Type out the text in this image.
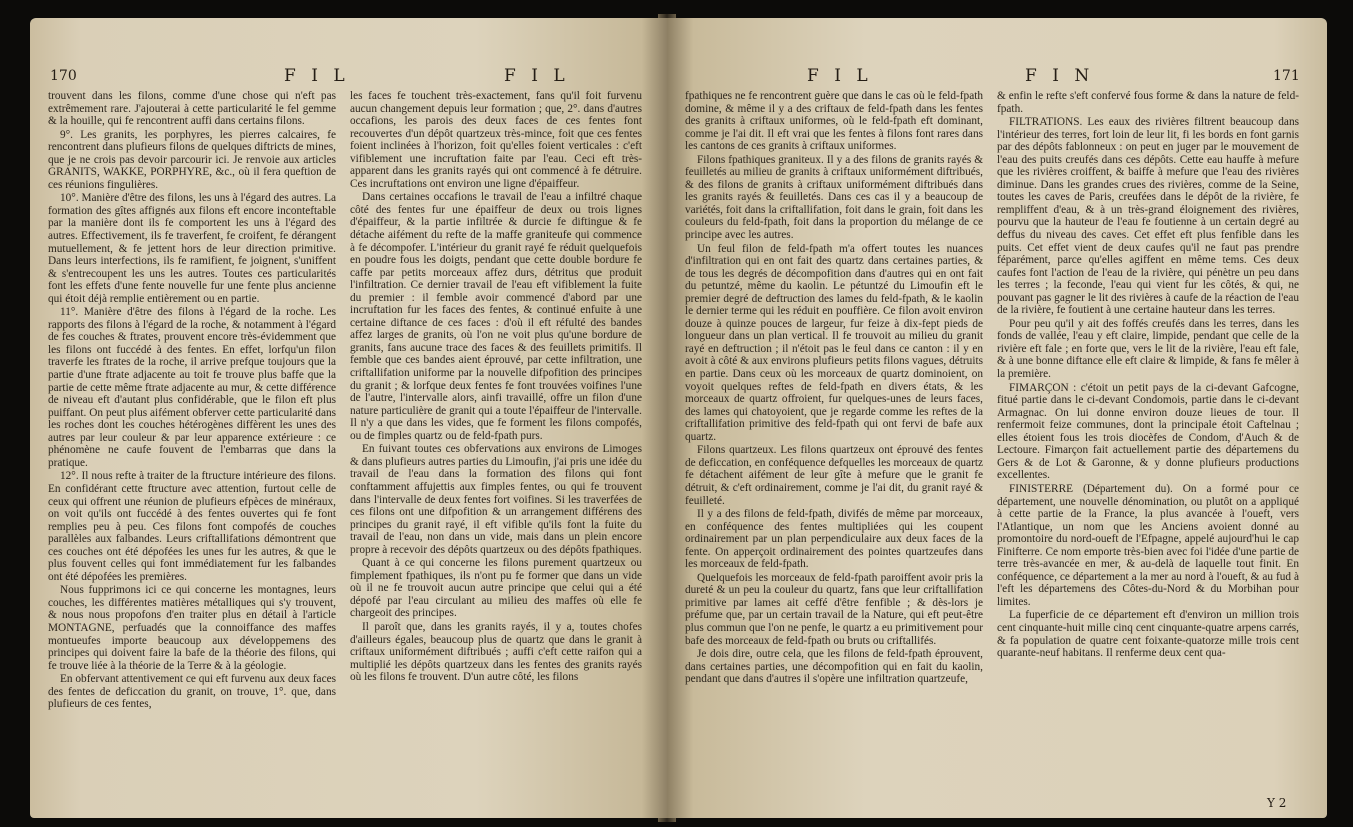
170	F I L	F I L

trouvent dans les filons, comme d'une chose qui n'eft pas extrêmement rare. J'ajouterai à cette particularité le fel gemme & la houille, qui fe rencontrent auffi dans certains filons.

9°. Les granits, les porphyres, les pierres calcaires, fe rencontrent dans plufieurs filons de quelques diftricts de mines, que je ne crois pas devoir parcourir ici. Je renvoie aux articles GRANITS, WAKKE, PORPHYRE, &c., où il fera queftion de ces réunions fingulières.

10°. Manière d'être des filons, les uns à l'égard des autres. La formation des gîtes affignés aux filons eft encore inconteftable par la manière dont ils fe comportent les uns à l'égard des autres. Effectivement, ils fe traverfent, fe croifent, fe dérangent mutuellement, & fe jettent hors de leur direction primitive. Dans leurs interfections, ils fe ramifient, fe joignent, s'uniffent & s'entrecoupent les uns les autres. Toutes ces particularités font les effets d'une fente nouvelle fur une fente plus ancienne qui étoit déjà remplie entièrement ou en partie.

11°. Manière d'être des filons à l'égard de la roche. Les rapports des filons à l'égard de la roche, & notamment à l'égard de fes couches & ftrates, prouvent encore très-évidemment que les filons ont fuccédé à des fentes. En effet, lorfqu'un filon traverfe les ftrates de la roche, il arrive prefque toujours que la partie d'une ftrate adjacente au toit fe trouve plus baffe que la partie de cette même ftrate adjacente au mur, & cette différence de niveau eft d'autant plus confidérable, que le filon eft plus puiffant. On peut plus aifément obferver cette particularité dans les roches dont les couches hétérogènes diffèrent les unes des autres par leur couleur & par leur apparence extérieure : ce phénomène ne caufe fouvent de l'embarras que dans la pratique.

12°. Il nous refte à traiter de la ftructure intérieure des filons. En confidérant cette ftructure avec attention, furtout celle de ceux qui offrent une réunion de plufieurs efpèces de minéraux, on voit qu'ils ont fuccédé à des fentes ouvertes qui fe font remplies peu à peu. Ces filons font compofés de couches parallèles aux falbandes. Leurs criftallifations démontrent que ces couches ont été dépofées les unes fur les autres, & que le plus fouvent celles qui font immédiatement fur les falbandes ont été dépofées les premières.

Nous fupprimons ici ce qui concerne les montagnes, leurs couches, les différentes matières métalliques qui s'y trouvent, & nous nous propofons d'en traiter plus en détail à l'article MONTAGNE, perfuadés que la connoiffance des maffes montueufes importe beaucoup aux développemens des principes qui doivent faire la bafe de la théorie des filons, qui fe trouve liée à la théorie de la Terre & à la géologie.

En obfervant attentivement ce qui eft furvenu aux deux faces des fentes de deficcation du granit, on trouve, 1°. que, dans plufieurs de ces fentes,

les faces fe touchent très-exactement, fans qu'il foit furvenu aucun changement depuis leur formation ; que, 2°. dans d'autres occafions, les parois des deux faces de ces fentes font recouvertes d'un dépôt quartzeux très-mince, foit que ces fentes foient inclinées à l'horizon, foit qu'elles foient verticales : c'eft vifiblement une incruftation faite par l'eau. Ceci eft très-apparent dans les granits rayés qui ont commencé à fe détruire. Ces incruftations ont environ une ligne d'épaiffeur.

Dans certaines occafions le travail de l'eau a infiltré chaque côté des fentes fur une épaiffeur de deux ou trois lignes d'épaiffeur, & la partie infiltrée & durcie fe diftingue & fe détache aifément du refte de la maffe graniteufe qui commence à fe décompofer. L'intérieur du granit rayé fe réduit quelquefois en poudre fous les doigts, pendant que cette double bordure fe caffe par petits morceaux affez durs, détritus que produit l'infiltration. Ce dernier travail de l'eau eft vifiblement la fuite du premier : il femble avoir commencé d'abord par une incruftation fur les faces des fentes, & continué enfuite à une certaine diftance de ces faces : d'où il eft réfulté des bandes affez larges de granits, où l'on ne voit plus qu'une bordure de granits, fans aucune trace des faces & des feuillets primitifs. Il femble que ces bandes aient éprouvé, par cette infiltration, une criftallifation uniforme par la nouvelle difpofition des principes du granit ; & lorfque deux fentes fe font trouvées voifines l'une de l'autre, l'intervalle alors, ainfi travaillé, offre un filon d'une nature particulière de granit qui a toute l'épaiffeur de l'intervalle. Il n'y a que dans les vides, que fe forment les filons compofés, ou de fimples quartz ou de feld-fpath purs.

En fuivant toutes ces obfervations aux environs de Limoges & dans plufieurs autres parties du Limoufin, j'ai pris une idée du travail de l'eau dans la formation des filons qui font conftamment affujettis aux fimples fentes, ou qui fe trouvent dans l'intervalle de deux fentes fort voifines. Si les traverfées de ces filons ont une difpofition & un arrangement différens des principes du granit rayé, il eft vifible qu'ils font la fuite du travail de l'eau, non dans un vide, mais dans un plein encore propre à recevoir des dépôts quartzeux ou des dépôts fpathiques.

Quant à ce qui concerne les filons purement quartzeux ou fimplement fpathiques, ils n'ont pu fe former que dans un vide où il ne fe trouvoit aucun autre principe que celui qui a été dépofé par l'eau circulant au milieu des maffes où elle fe chargeoit des principes.

Il paroît que, dans les granits rayés, il y a, toutes chofes d'ailleurs égales, beaucoup plus de quartz que dans le granit à criftaux uniformément diftribués ; auffi c'eft cette raifon qui a multiplié les dépôts quartzeux dans les fentes des granits rayés où les filons fe trouvent. D'un autre côté, les filons

F I L	F I N	171

fpathiques ne fe rencontrent guère que dans le cas où le feld-fpath domine, & même il y a des criftaux de feld-fpath dans les fentes des granits à criftaux uniformes, où le feld-fpath eft dominant, comme je l'ai dit. Il eft vrai que les fentes à filons font rares dans les cantons de ces granits à criftaux uniformes.

Filons fpathiques graniteux. Il y a des filons de granits rayés & feuilletés au milieu de granits à criftaux uniformément diftribués, & des filons de granits à criftaux uniformément diftribués dans les granits rayés & feuilletés. Dans ces cas il y a beaucoup de variétés, foit dans la criftallifation, foit dans le grain, foit dans les couleurs du feld-fpath, foit dans la proportion du mélange de ce principe avec les autres.

Un feul filon de feld-fpath m'a offert toutes les nuances d'infiltration qui en ont fait des quartz dans certaines parties, & de tous les degrés de décompofition dans d'autres qui en ont fait du petuntzé, même du kaolin. Le pétuntzé du Limoufin eft le premier degré de deftruction des lames du feld-fpath, & le kaolin le dernier terme qui les réduit en pouffière. Ce filon avoit environ douze à quinze pouces de largeur, fur feize à dix-fept pieds de longueur dans un plan vertical. Il fe trouvoit au milieu du granit rayé en deftruction ; il n'étoit pas le feul dans ce canton : il y en avoit à côté & aux environs plufieurs petits filons vagues, détruits en partie. Dans ceux où les morceaux de quartz dominoient, on voyoit quelques reftes de feld-fpath en divers états, & les morceaux de quartz offroient, fur quelques-unes de leurs faces, des lames qui chatoyoient, que je regarde comme les reftes de la criftallifation primitive des feld-fpath qui ont fervi de bafe aux quartz.

Filons quartzeux. Les filons quartzeux ont éprouvé des fentes de deficcation, en conféquence defquelles les morceaux de quartz fe détachent aifément de leur gîte à mefure que le granit fe détruit, & c'eft ordinairement, comme je l'ai dit, du granit rayé & feuilleté.

Il y a des filons de feld-fpath, divifés de même par morceaux, en conféquence des fentes multipliées qui les coupent ordinairement par un plan perpendiculaire aux deux faces de la fente. On apperçoit ordinairement des pointes quartzeufes dans les morceaux de feld-fpath.

Quelquefois les morceaux de feld-fpath paroiffent avoir pris la dureté & un peu la couleur du quartz, fans que leur criftallifation primitive par lames ait ceffé d'être fenfible ; & dès-lors je préfume que, par un certain travail de la Nature, qui eft peut-être plus commun que l'on ne penfe, le quartz a eu primitivement pour bafe des morceaux de feld-fpath ou bruts ou criftallifés.

Je dois dire, outre cela, que les filons de feld-fpath éprouvent, dans certaines parties, une décompofition qui en fait du kaolin, pendant que dans d'autres il s'opère une infiltration quartzeufe,

& enfin le refte s'eft confervé fous forme & dans la nature de feld-fpath.

FILTRATIONS. Les eaux des rivières filtrent beaucoup dans l'intérieur des terres, fort loin de leur lit, fi les bords en font garnis par des dépôts fablonneux : on peut en juger par le mouvement de l'eau des puits creufés dans ces dépôts. Cette eau hauffe à mefure que les rivières croiffent, & baiffe à mefure que l'eau des rivières diminue. Dans les grandes crues des rivières, comme de la Seine, toutes les caves de Paris, creufées dans le dépôt de la rivière, fe rempliffent d'eau, & à un très-grand éloignement des rivières, pourvu que la hauteur de l'eau fe foutienne à un certain degré au deffus du niveau des caves. Cet effet eft plus fenfible dans les puits. Cet effet vient de deux caufes qu'il ne faut pas prendre féparément, parce qu'elles agiffent en même tems. Ces deux caufes font l'action de l'eau de la rivière, qui pénètre un peu dans les terres ; la feconde, l'eau qui vient fur les côtés, & qui, ne pouvant pas gagner le lit des rivières à caufe de la réaction de l'eau de la rivière, fe foutient à une certaine hauteur dans les terres.

Pour peu qu'il y ait des foffés creufés dans les terres, dans les fonds de vallée, l'eau y eft claire, limpide, pendant que celle de la rivière eft fale ; en forte que, vers le lit de la rivière, l'eau eft fale, & à une bonne diftance elle eft claire & limpide, & fans fe mêler à la première.

FIMARÇON : c'étoit un petit pays de la ci-devant Gafcogne, fitué partie dans le ci-devant Condomois, partie dans le ci-devant Armagnac. On lui donne environ douze lieues de tour. Il renfermoit feize communes, dont la principale étoit Caftelnau ; elles étoient fous les trois diocèfes de Condom, d'Auch & de Lectoure. Fimarçon fait actuellement partie des départemens du Gers & de Lot & Garonne, & y donne plufieurs productions excellentes.

FINISTERRE (Département du). On a formé pour ce département, une nouvelle dénomination, ou plutôt on a appliqué à cette partie de la France, la plus avancée à l'oueft, vers l'Atlantique, un nom que les Anciens avoient donné au promontoire du nord-oueft de l'Efpagne, appelé aujourd'hui le cap Finifterre. Ce nom emporte très-bien avec foi l'idée d'une partie de terre très-avancée en mer, & au-delà de laquelle tout finit. En conféquence, ce département a la mer au nord à l'oueft, & au fud à l'eft les départemens des Côtes-du-Nord & du Morbihan pour limites.

La fuperficie de ce département eft d'environ un million trois cent cinquante-huit mille cinq cent cinquante-quatre arpens carrés, & fa population de quatre cent foixante-quatorze mille trois cent quarante-neuf habitans. Il renferme deux cent qua-

Y 2
